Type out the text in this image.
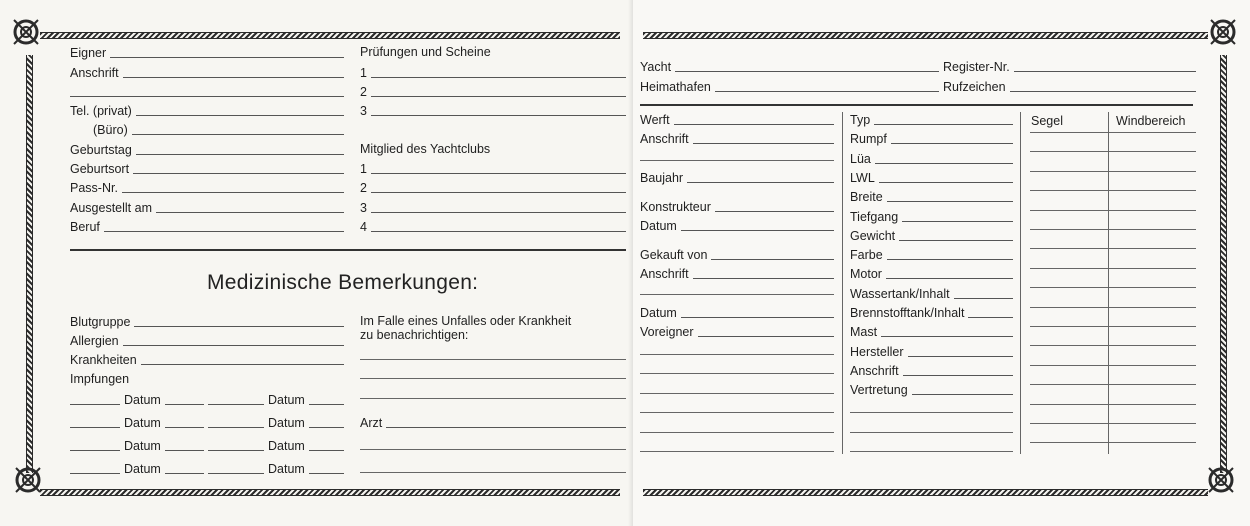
Eigner
Anschrift
Tel. (privat)
(Büro)
Geburtstag
Geburtsort
Pass-Nr.
Ausgestellt am
Beruf
Prüfungen und Scheine
1
2
3
Mitglied des Yachtclubs
1
2
3
4
Medizinische Bemerkungen:
Blutgruppe
Allergien
Krankheiten
Impfungen
Datum	Datum
Datum	Datum
Datum	Datum
Datum	Datum
Im Falle eines Unfalles oder Krankheit
zu benachrichtigen:
Arzt
Yacht	Register-Nr.
Heimathafen	Rufzeichen
Werft
Anschrift
Baujahr
Konstrukteur
Datum
Gekauft von
Anschrift
Datum
Voreigner
Typ
Rumpf
Lüa
LWL
Breite
Tiefgang
Gewicht
Farbe
Motor
Wassertank/Inhalt
Brennstofftank/Inhalt
Mast
Hersteller
Anschrift
Vertretung
Segel	Windbereich
